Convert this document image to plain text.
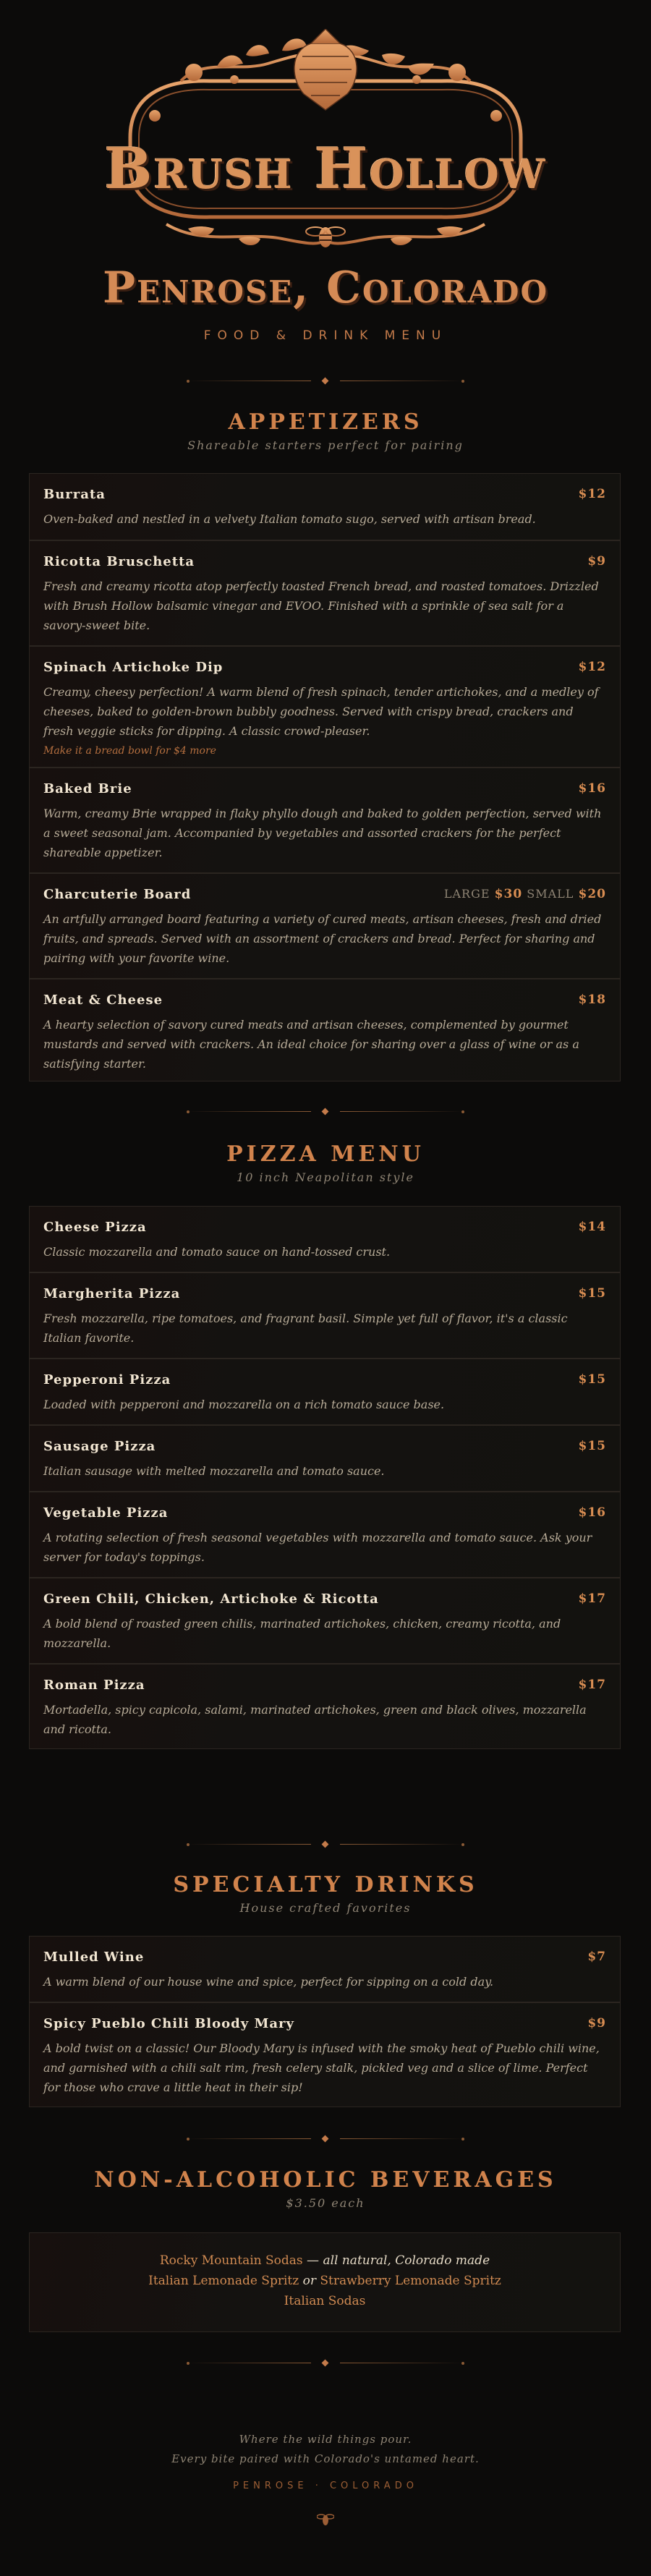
Brush Hollow
Penrose, Colorado
FOOD & DRINK MENU
APPETIZERS
Shareable starters perfect for pairing
Burrata	$12
Oven-baked and nestled in a velvety Italian tomato sugo, served with artisan bread.
Ricotta Bruschetta	$9
Fresh and creamy ricotta atop perfectly toasted French bread, and roasted tomatoes. Drizzled with Brush Hollow balsamic vinegar and EVOO. Finished with a sprinkle of sea salt for a savory-sweet bite.
Spinach Artichoke Dip	$12
Creamy, cheesy perfection! A warm blend of fresh spinach, tender artichokes, and a medley of cheeses, baked to golden-brown bubbly goodness. Served with crispy bread, crackers and fresh veggie sticks for dipping. A classic crowd-pleaser.
Make it a bread bowl for $4 more
Baked Brie	$16
Warm, creamy Brie wrapped in flaky phyllo dough and baked to golden perfection, served with a sweet seasonal jam. Accompanied by vegetables and assorted crackers for the perfect shareable appetizer.
Charcuterie Board	LARGE $30 SMALL $20
An artfully arranged board featuring a variety of cured meats, artisan cheeses, fresh and dried fruits, and spreads. Served with an assortment of crackers and bread. Perfect for sharing and pairing with your favorite wine.
Meat & Cheese	$18
A hearty selection of savory cured meats and artisan cheeses, complemented by gourmet mustards and served with crackers. An ideal choice for sharing over a glass of wine or as a satisfying starter.
PIZZA MENU
10 inch Neapolitan style
Cheese Pizza	$14
Classic mozzarella and tomato sauce on hand-tossed crust.
Margherita Pizza	$15
Fresh mozzarella, ripe tomatoes, and fragrant basil. Simple yet full of flavor, it's a classic Italian favorite.
Pepperoni Pizza	$15
Loaded with pepperoni and mozzarella on a rich tomato sauce base.
Sausage Pizza	$15
Italian sausage with melted mozzarella and tomato sauce.
Vegetable Pizza	$16
A rotating selection of fresh seasonal vegetables with mozzarella and tomato sauce. Ask your server for today's toppings.
Green Chili, Chicken, Artichoke & Ricotta	$17
A bold blend of roasted green chilis, marinated artichokes, chicken, creamy ricotta, and mozzarella.
Roman Pizza	$17
Mortadella, spicy capicola, salami, marinated artichokes, green and black olives, mozzarella and ricotta.
SPECIALTY DRINKS
House crafted favorites
Mulled Wine	$7
A warm blend of our house wine and spice, perfect for sipping on a cold day.
Spicy Pueblo Chili Bloody Mary	$9
A bold twist on a classic! Our Bloody Mary is infused with the smoky heat of Pueblo chili wine, and garnished with a chili salt rim, fresh celery stalk, pickled veg and a slice of lime. Perfect for those who crave a little heat in their sip!
NON-ALCOHOLIC BEVERAGES
$3.50 each
Rocky Mountain Sodas — all natural, Colorado made
Italian Lemonade Spritz or Strawberry Lemonade Spritz
Italian Sodas
Where the wild things pour.
Every bite paired with Colorado's untamed heart.
PENROSE · COLORADO
